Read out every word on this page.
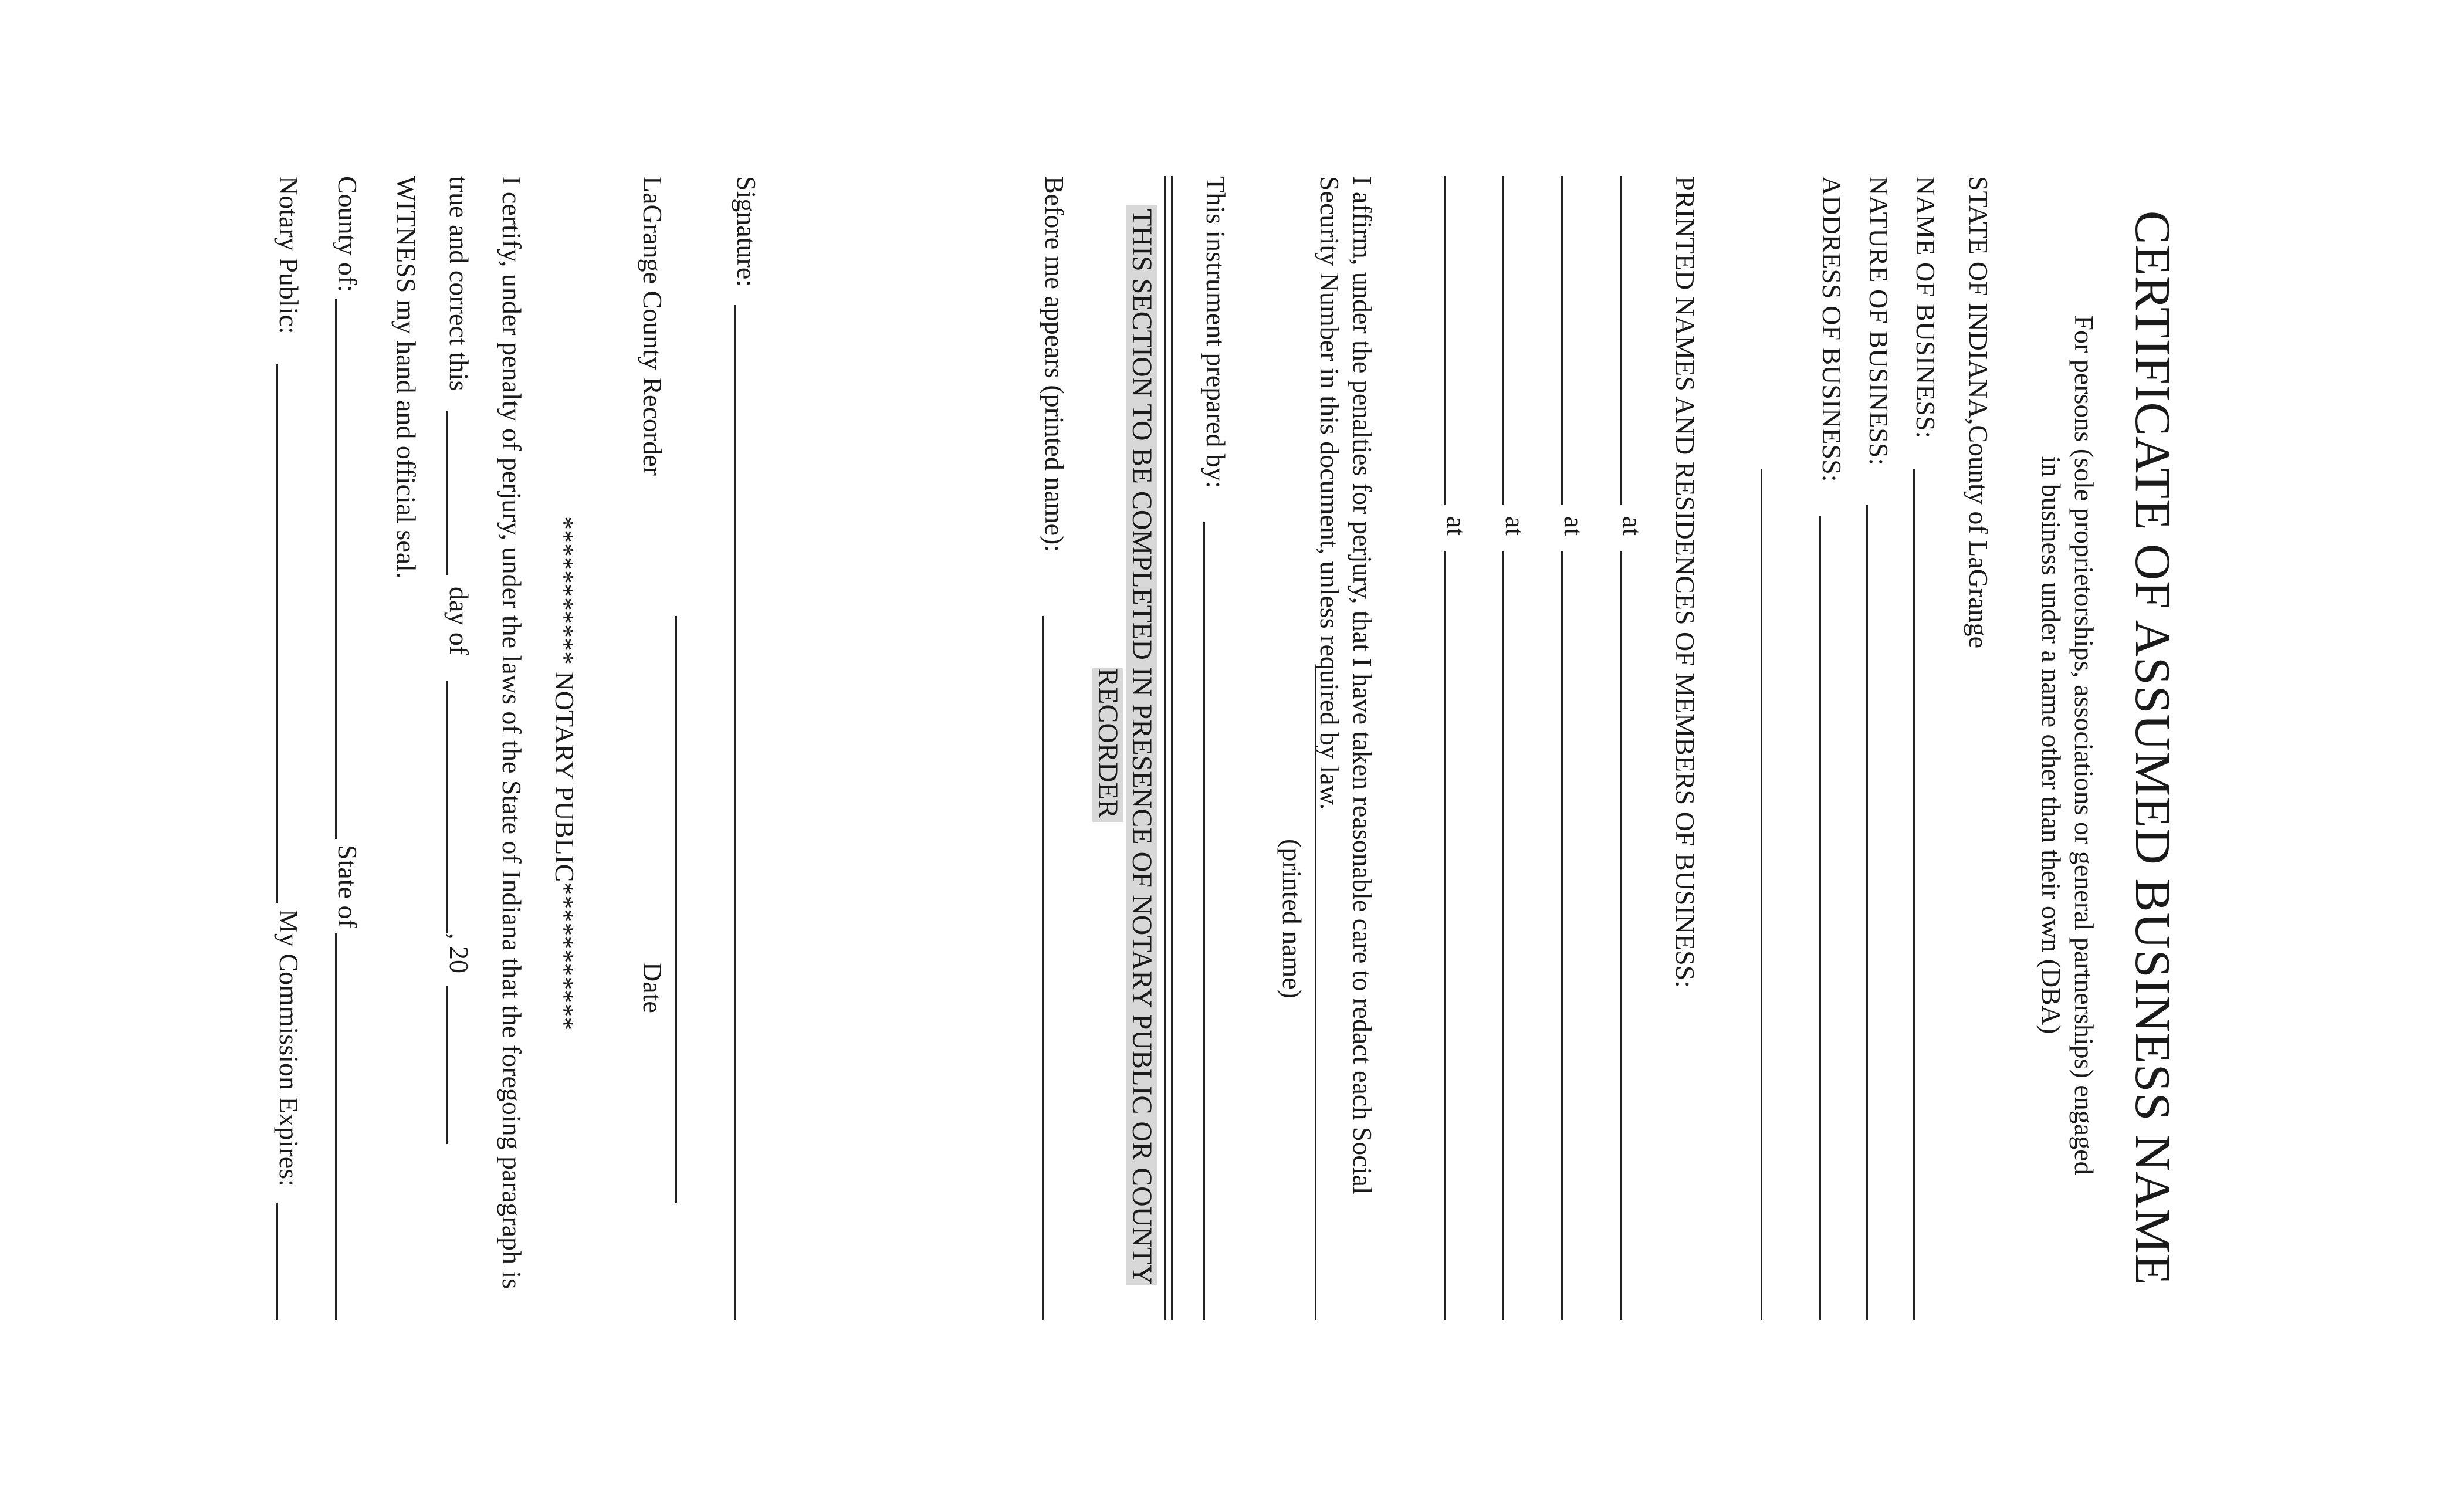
CERTIFICATE OF ASSUMED BUSINESS NAME
For persons (sole proprietorships, associations or general partnerships) engaged in business under a name other than their own (DBA)
STATE OF INDIANA,County of LaGrange
NAME OF BUSINESS:
NATURE OF BUSINESS:
ADDRESS OF BUSINESS:
PRINTED NAMES AND RESIDENCES OF MEMBERS OF BUSINESS:
at
at
at
at
I affirm, under the penalties for perjury, that I have taken reasonable care to redact each Social Security Number in this document, unless required by law.
(printed name)
This instrument prepared by:
THIS SECTION TO BE COMPLETED IN PRESENCE OF NOTARY PUBLIC OR COUNTY RECORDER
Before me appears (printed name):
Signature:
LaGrange County Recorder
Date
*********** NOTARY PUBLIC***********
I certify, under penalty of perjury, under the laws of the State of Indiana that the foregoing paragraph is
true and correct this
day of
, 20
WITNESS my hand and official seal.
County of:
State of
Notary Public:
My Commission Expires:
